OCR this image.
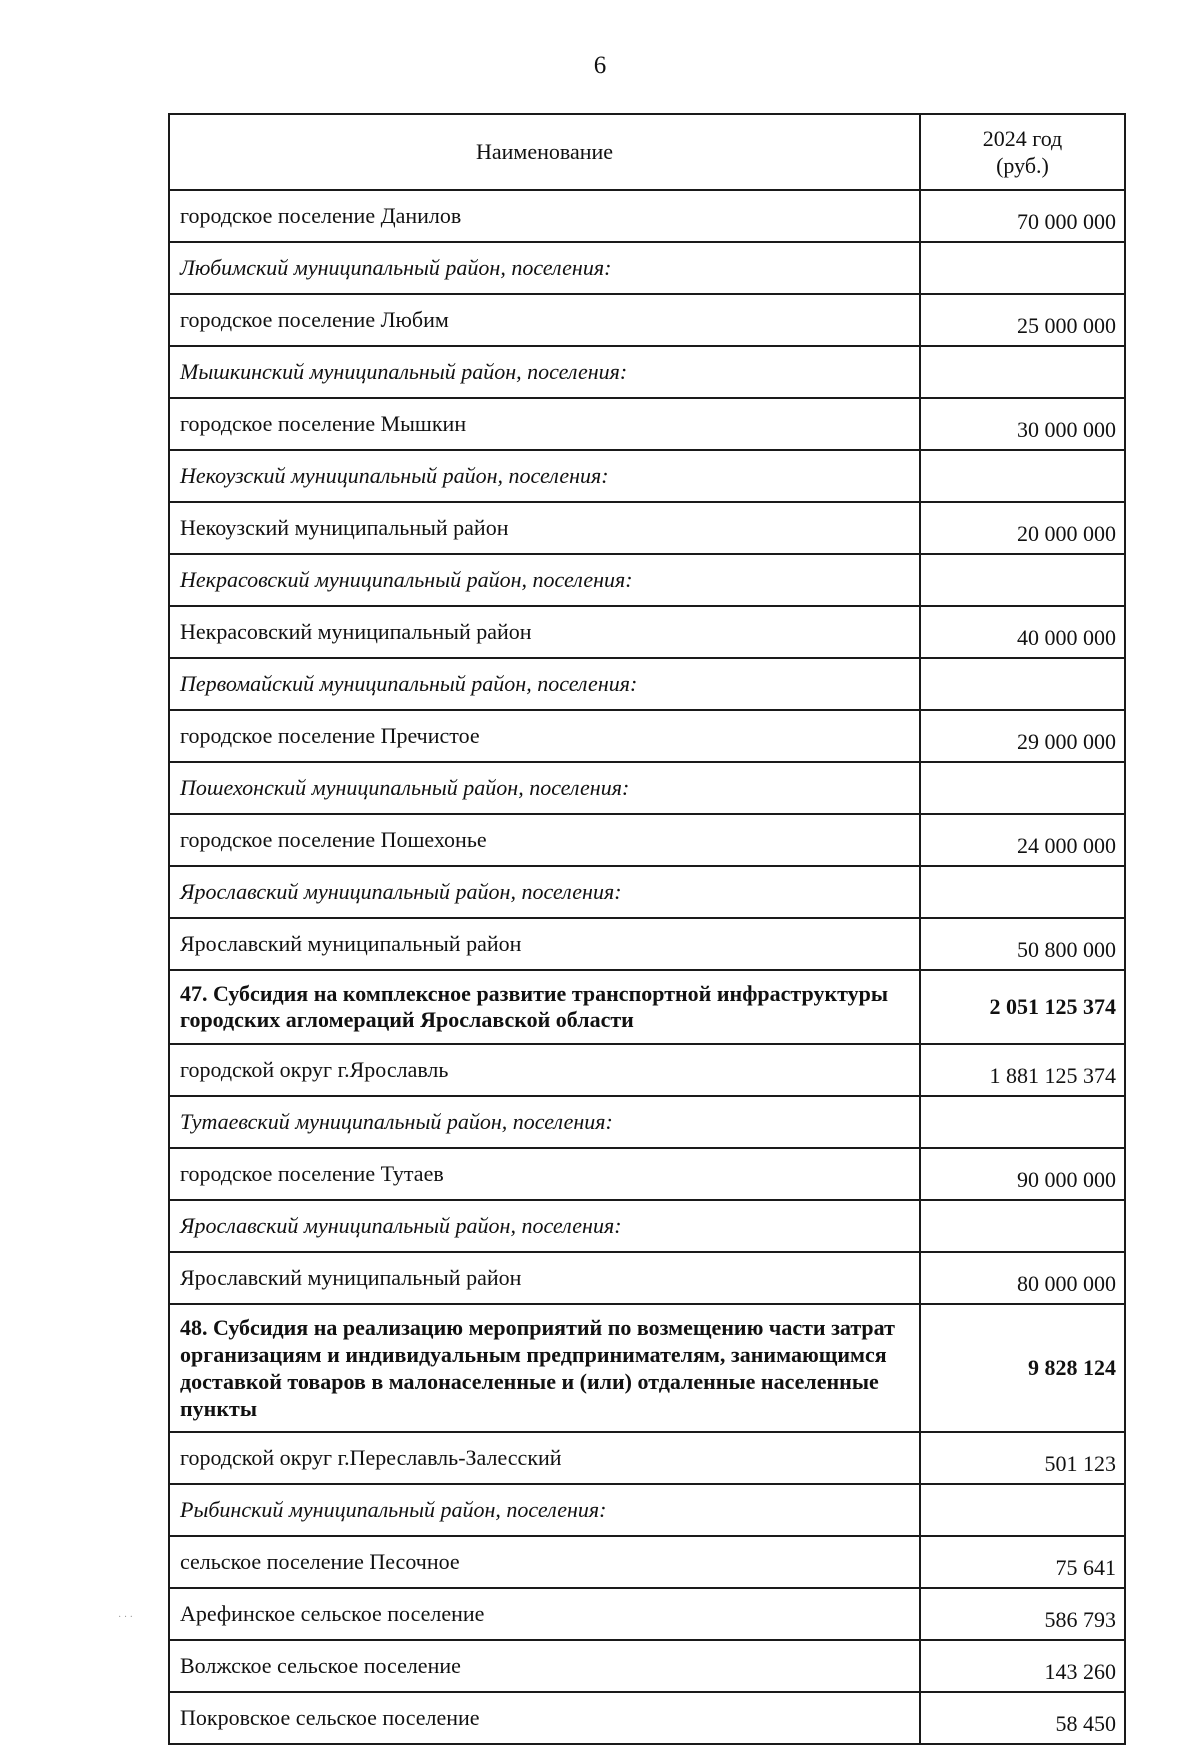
6
Наименование	2024 год
(руб.)
городское поселение Данилов	70 000 000
Любимский муниципальный район, поселения:	
городское поселение Любим	25 000 000
Мышкинский муниципальный район, поселения:	
городское поселение Мышкин	30 000 000
Некоузский муниципальный район, поселения:	
Некоузский муниципальный район	20 000 000
Некрасовский муниципальный район, поселения:	
Некрасовский муниципальный район	40 000 000
Первомайский муниципальный район, поселения:	
городское поселение Пречистое	29 000 000
Пошехонский муниципальный район, поселения:	
городское поселение Пошехонье	24 000 000
Ярославский муниципальный район, поселения:	
Ярославский муниципальный район	50 800 000
47. Субсидия на комплексное развитие транспортной инфраструктуры городских агломераций Ярославской области	2 051 125 374
городской округ г.Ярославль	1 881 125 374
Тутаевский муниципальный район, поселения:	
городское поселение Тутаев	90 000 000
Ярославский муниципальный район, поселения:	
Ярославский муниципальный район	80 000 000
48. Субсидия на реализацию мероприятий по возмещению части затрат организациям и индивидуальным предпринимателям, занимающимся доставкой товаров в малонаселенные и (или) отдаленные населенные пункты	9 828 124
городской округ г.Переславль-Залесский	501 123
Рыбинский муниципальный район, поселения:	
сельское поселение Песочное	75 641
Арефинское сельское поселение	586 793
Волжское сельское поселение	143 260
Покровское сельское поселение	58 450
· · ·
